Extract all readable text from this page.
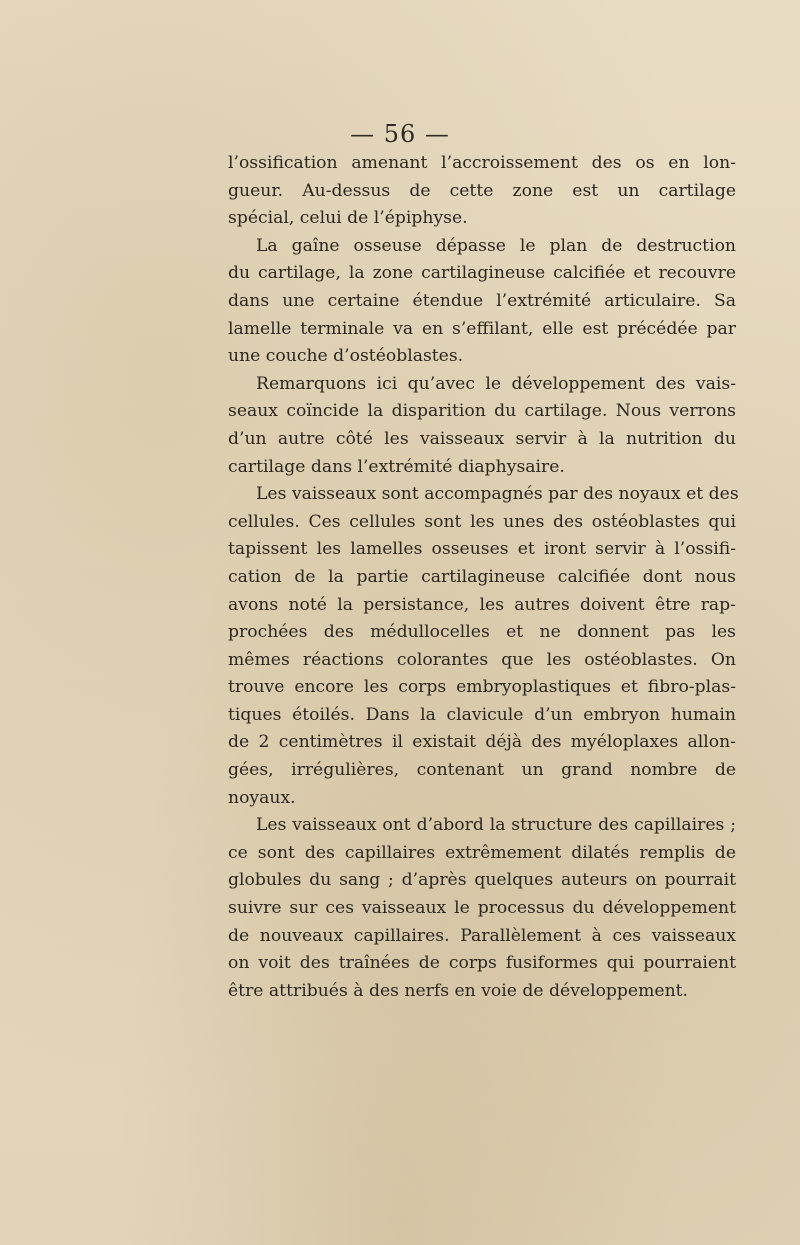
— 56 —
l’ossification amenant l’accroissement des os en lon-
gueur. Au-dessus de cette zone est un cartilage
spécial, celui de l’épiphyse.
La gaîne osseuse dépasse le plan de destruction
du cartilage, la zone cartilagineuse calcifiée et recouvre
dans une certaine étendue l’extrémité articulaire. Sa
lamelle terminale va en s’effilant, elle est précédée par
une couche d’ostéoblastes.
Remarquons ici qu’avec le développement des vais-
seaux coïncide la disparition du cartilage. Nous verrons
d’un autre côté les vaisseaux servir à la nutrition du
cartilage dans l’extrémité diaphysaire.
Les vaisseaux sont accompagnés par des noyaux et des
cellules. Ces cellules sont les unes des ostéoblastes qui
tapissent les lamelles osseuses et iront servir à l’ossifi-
cation de la partie cartilagineuse calcifiée dont nous
avons noté la persistance, les autres doivent être rap-
prochées des médullocelles et ne donnent pas les
mêmes réactions colorantes que les ostéoblastes. On
trouve encore les corps embryoplastiques et fibro-plas-
tiques étoilés. Dans la clavicule d’un embryon humain
de 2 centimètres il existait déjà des myéloplaxes allon-
gées, irrégulières, contenant un grand nombre de
noyaux.
Les vaisseaux ont d’abord la structure des capillaires ;
ce sont des capillaires extrêmement dilatés remplis de
globules du sang ; d’après quelques auteurs on pourrait
suivre sur ces vaisseaux le processus du développement
de nouveaux capillaires. Parallèlement à ces vaisseaux
on voit des traînées de corps fusiformes qui pourraient
être attribués à des nerfs en voie de développement.
